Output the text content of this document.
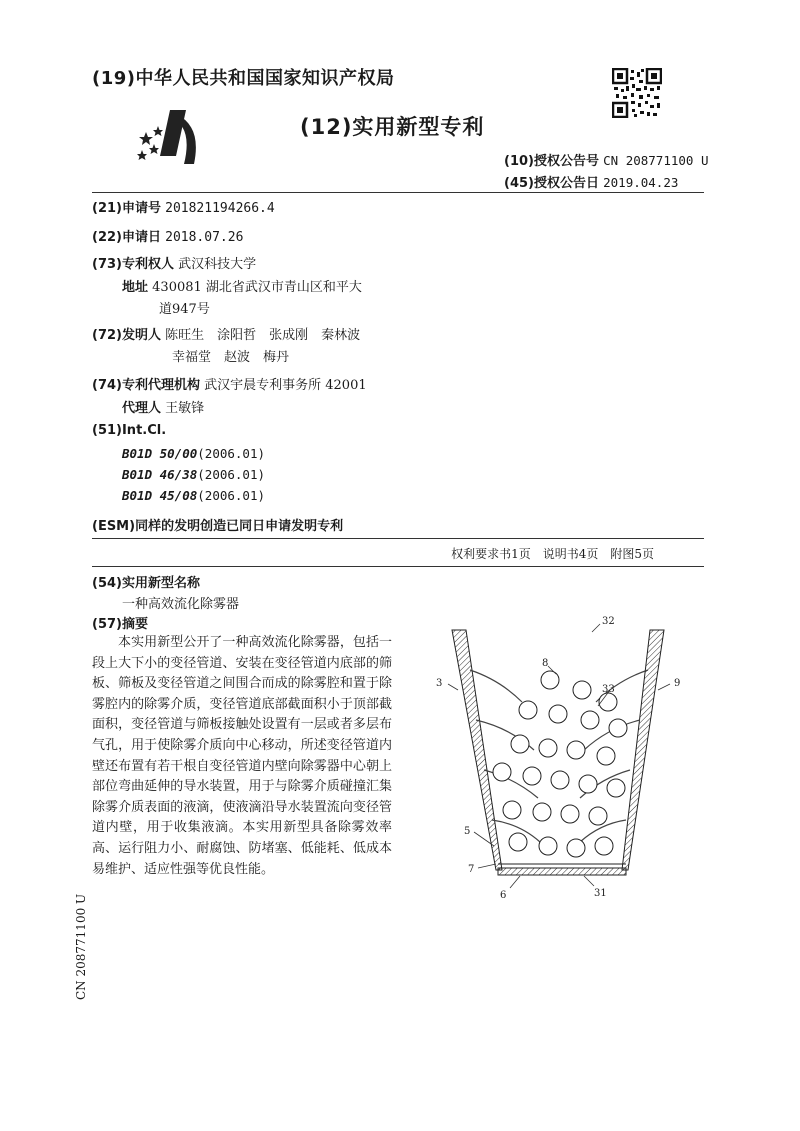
(19)中华人民共和国国家知识产权局
(12)实用新型专利
(10)授权公告号 CN 208771100 U
(45)授权公告日 2019.04.23
(21)申请号 201821194266.4
(22)申请日 2018.07.26
(73)专利权人 武汉科技大学
地址 430081 湖北省武汉市青山区和平大
道947号
(72)发明人 陈旺生　涂阳哲　张成刚　秦林波
幸福堂　赵波　梅丹
(74)专利代理机构 武汉宇晨专利事务所 42001
代理人 王敏锋
(51)Int.Cl.
B01D 50/00(2006.01)
B01D 46/38(2006.01)
B01D 45/08(2006.01)
(ESM)同样的发明创造已同日申请发明专利
权利要求书1页　说明书4页　附图5页
(54)实用新型名称
一种高效流化除雾器
(57)摘要
本实用新型公开了一种高效流化除雾器，包括一段上大下小的变径管道、安装在变径管道内底部的筛板、筛板及变径管道之间围合而成的除雾腔和置于除雾腔内的除雾介质，变径管道底部截面积小于顶部截面积，变径管道与筛板接触处设置有一层或者多层布气孔，用于使除雾介质向中心移动，所述变径管道内壁还布置有若干根自变径管道内壁向除雾器中心朝上部位弯曲延伸的导水装置，用于与除雾介质碰撞汇集除雾介质表面的液滴，使液滴沿导水装置流向变径管道内壁，用于收集液滴。本实用新型具备除雾效率高、运行阻力小、耐腐蚀、防堵塞、低能耗、低成本易维护、适应性强等优良性能。
32
8
33
9
3
5
7
6	31
CN 208771100 U
